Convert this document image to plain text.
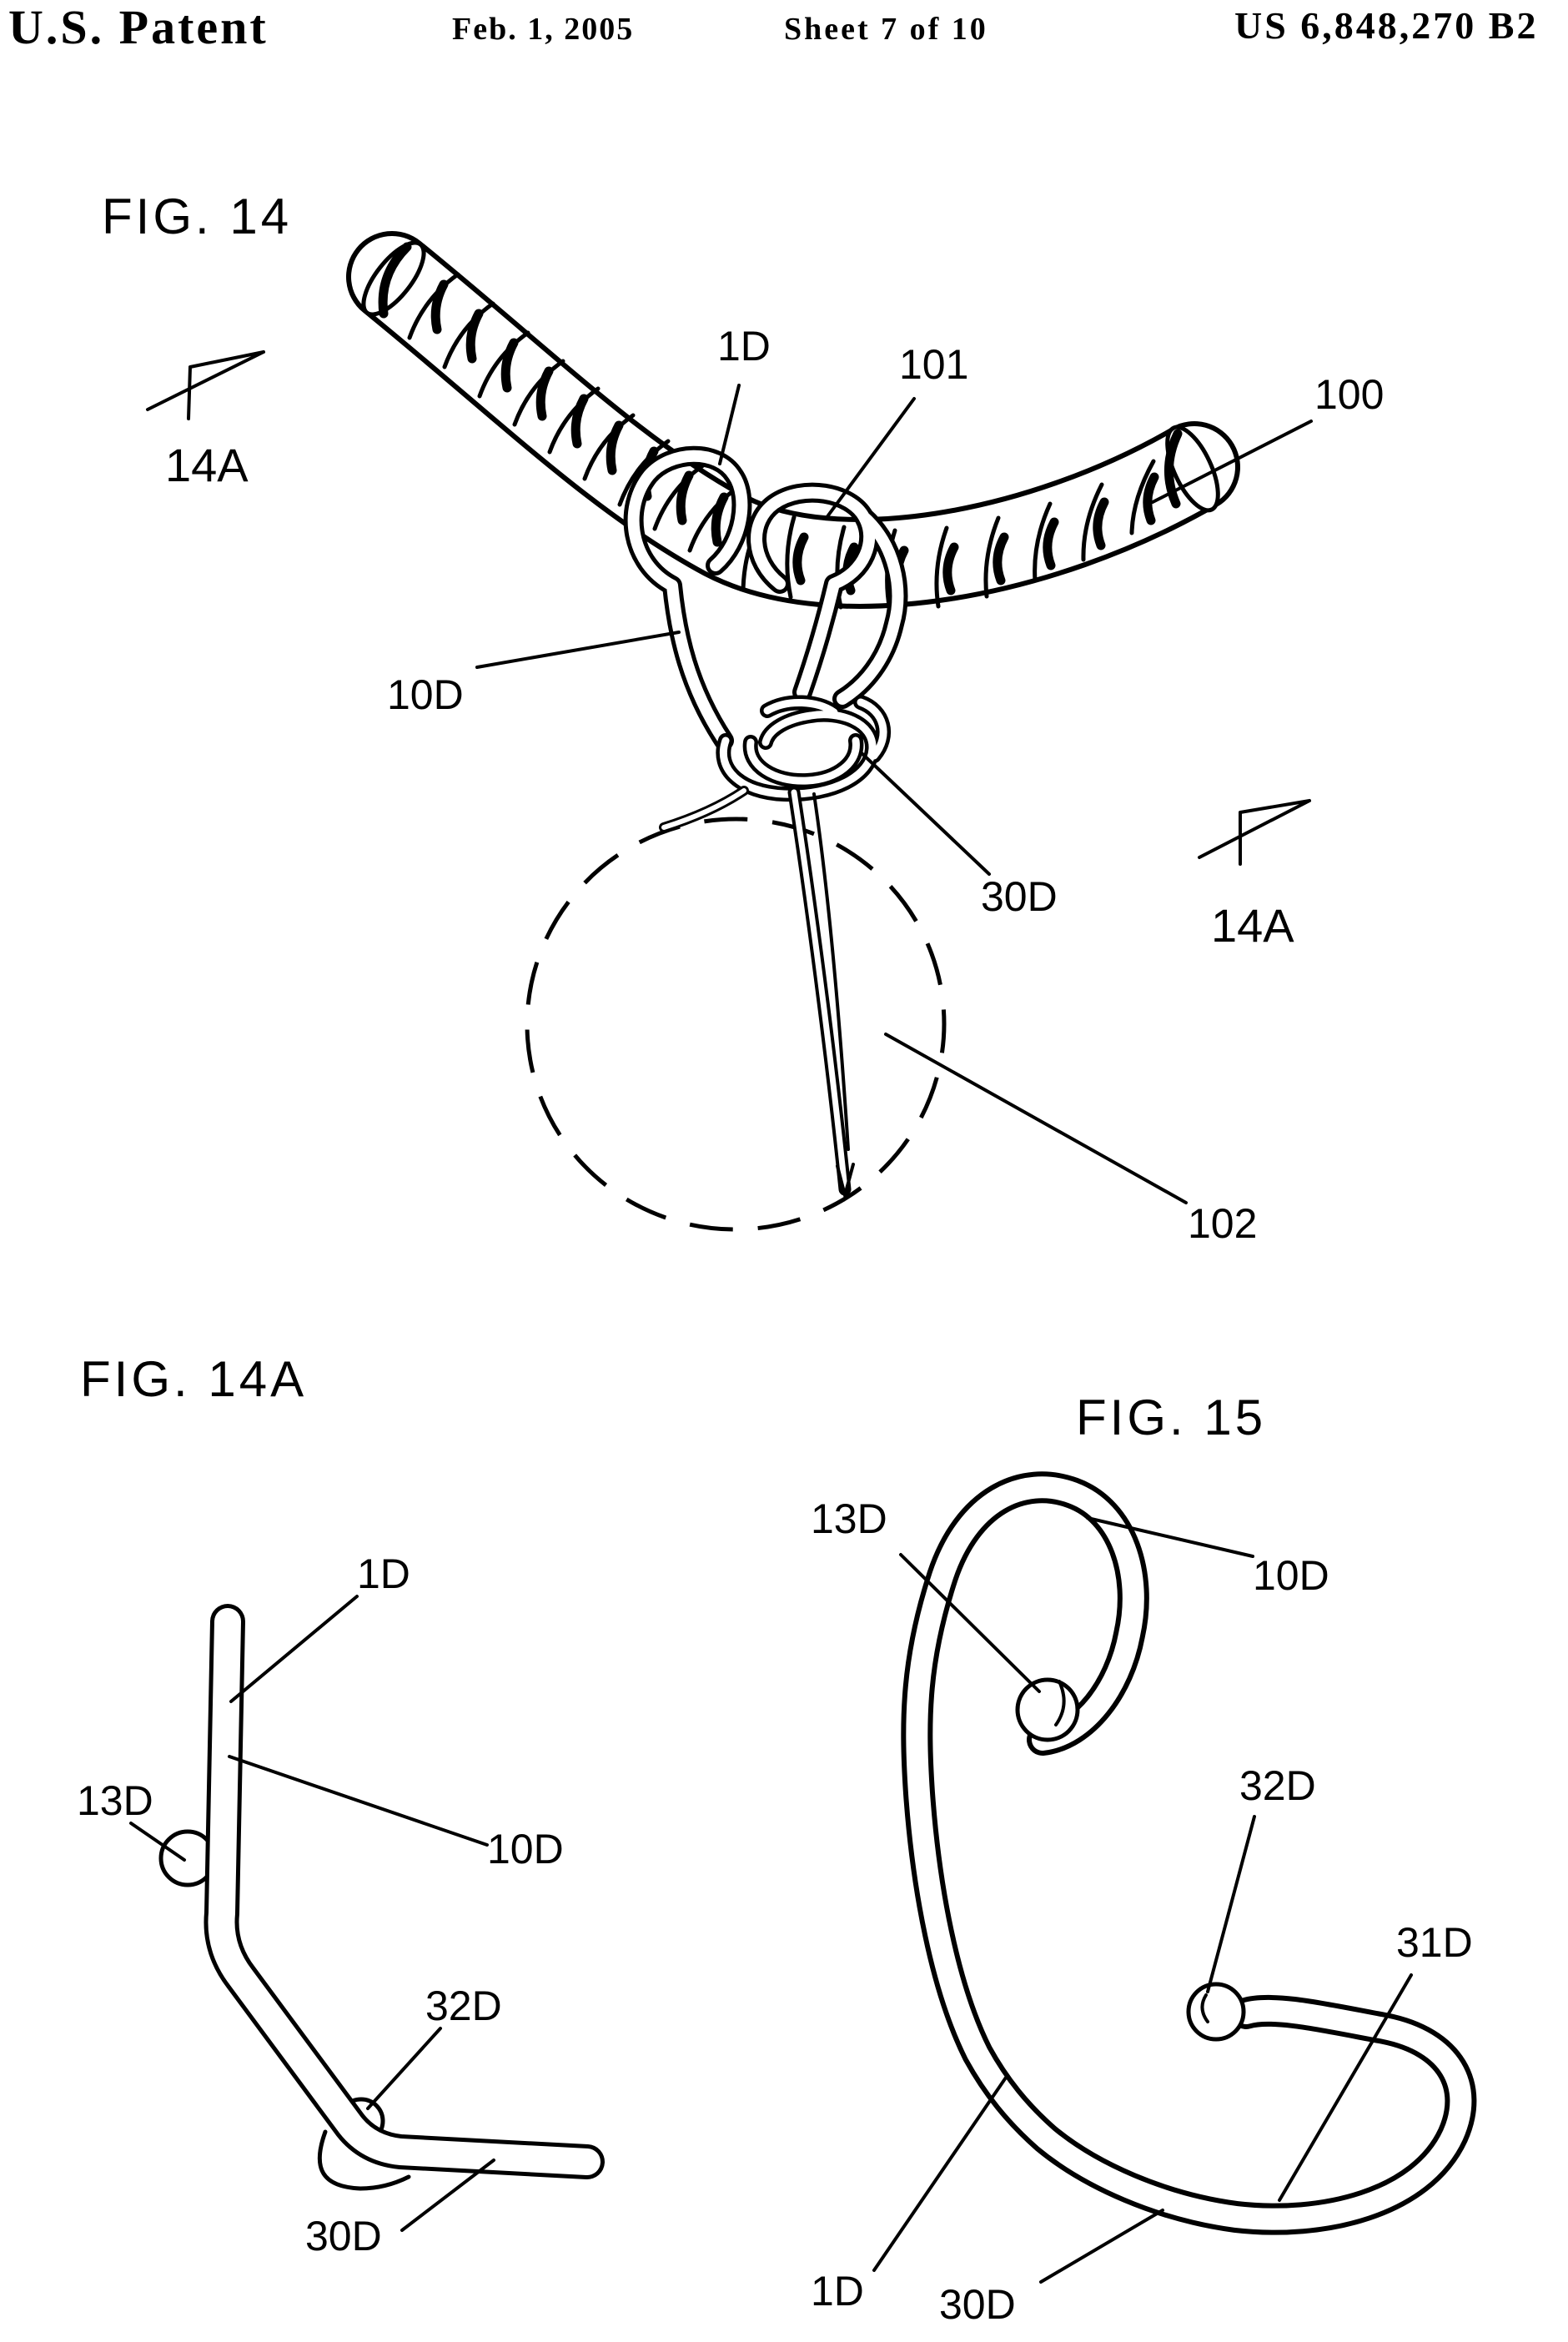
U.S. Patent	Feb. 1, 2005	Sheet 7 of 10	US 6,848,270 B2
FIG. 14
14A
14A
1D	101
100
10D
30D
102
FIG. 14A
1D
13D
10D
32D
30D
FIG. 15
13D
10D
32D
31D
1D 30D
